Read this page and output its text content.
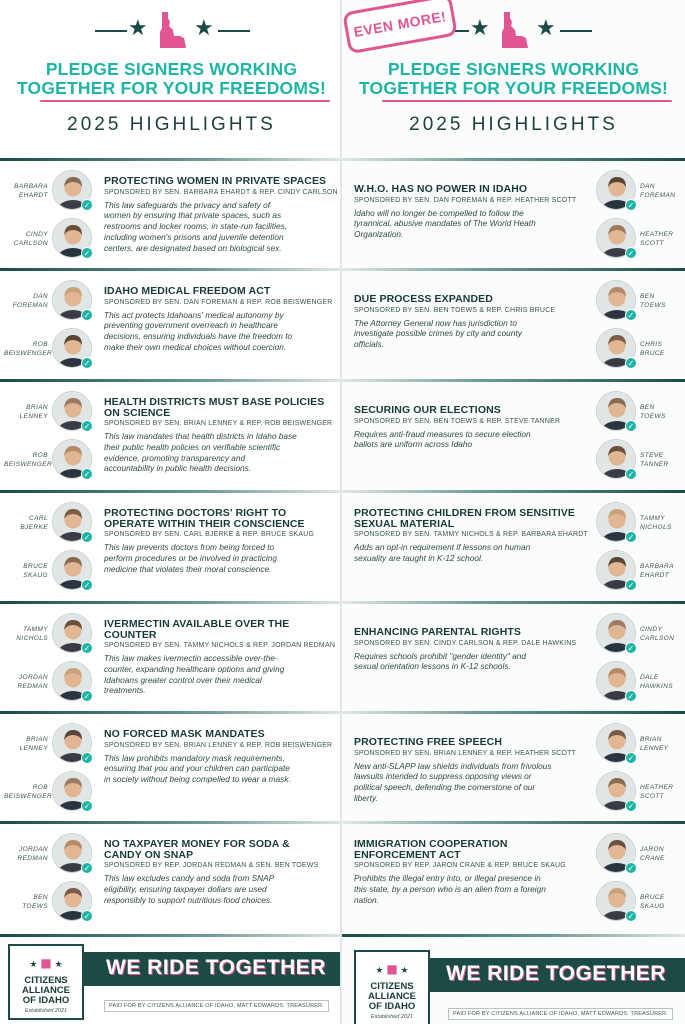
★ ★
PLEDGE SIGNERS WORKING
TOGETHER FOR YOUR FREEDOMS!
2025 HIGHLIGHTS
BARBARA
EHARDT
✓
CINDY
CARLSON
✓
PROTECTING WOMEN IN PRIVATE SPACES
SPONSORED BY SEN. BARBARA EHARDT & REP. CINDY CARLSON
This law safeguards the privacy and safety of
women by ensuring that private spaces, such as
restrooms and locker rooms, in state-run facilities,
including women's prisons and juvenile detention
centers, are designated based on biological sex.
DAN
FOREMAN
✓
ROB
BEISWENGER
✓
IDAHO MEDICAL FREEDOM ACT
SPONSORED BY SEN. DAN FOREMAN & REP. ROB BEISWENGER
This act protects Idahoans' medical autonomy by
preventing government overreach in healthcare
decisions, ensuring individuals have the freedom to
make their own medical choices without coercion.
BRIAN
LENNEY
✓
ROB
BEISWENGER
✓
HEALTH DISTRICTS MUST BASE POLICIES
ON SCIENCE
SPONSORED BY SEN. BRIAN LENNEY & REP. ROB BEISWENGER
This law mandates that health districts in Idaho base
their public health policies on verifiable scientific
evidence, promoting transparency and
accountability in public health decisions.
CARL
BJERKE
✓
BRUCE
SKAUG
✓
PROTECTING DOCTORS' RIGHT TO
OPERATE WITHIN THEIR CONSCIENCE
SPONSORED BY SEN. CARL BJERKE & REP. BRUCE SKAUG
This law prevents doctors from being forced to
perform procedures or be involved in practicing
medicine that violates their moral conscience.
TAMMY
NICHOLS
✓
JORDAN
REDMAN
✓
IVERMECTIN AVAILABLE OVER THE
COUNTER
SPONSORED BY SEN. TAMMY NICHOLS & REP. JORDAN REDMAN
This law makes ivermectin accessible over-the-
counter, expanding healthcare options and giving
Idahoans greater control over their medical
treatments.
BRIAN
LENNEY
✓
ROB
BEISWENGER
✓
NO FORCED MASK MANDATES
SPONSORED BY SEN. BRIAN LENNEY & REP. ROB BEISWENGER
This law prohibits mandatory mask requirements,
ensuring that you and your children can participate
in society without being compelled to wear a mask.
JORDAN
REDMAN
✓
BEN
TOEWS
✓
NO TAXPAYER MONEY FOR SODA &
CANDY ON SNAP
SPONSORED BY REP. JORDAN REDMAN & SEN. BEN TOEWS
This law excludes candy and soda from SNAP
eligibility, ensuring taxpayer dollars are used
responsibly to support nutritious food choices.
WE RIDE TOGETHER
★ ■ ★
CITIZENS
ALLIANCE
OF IDAHO
Established 2021
PAID FOR BY CITIZENS ALLIANCE OF IDAHO, MATT EDWARDS, TREASURER.
★ ★
PLEDGE SIGNERS WORKING
TOGETHER FOR YOUR FREEDOMS!
2025 HIGHLIGHTS
DAN
FOREMAN
✓
HEATHER
SCOTT
✓
W.H.O. HAS NO POWER IN IDAHO
SPONSORED BY SEN. DAN FOREMAN & REP. HEATHER SCOTT
Idaho will no longer be compelled to follow the
tyrannical, abusive mandates of The World Heath
Organization.
BEN
TOEWS
✓
CHRIS
BRUCE
✓
DUE PROCESS EXPANDED
SPONSORED BY SEN. BEN TOEWS & REP. CHRIS BRUCE
The Attorney General now has jurisdiction to
investigate possible crimes by city and county
officials.
BEN
TOEWS
✓
STEVE
TANNER
✓
SECURING OUR ELECTIONS
SPONSORED BY SEN. BEN TOEWS & REP. STEVE TANNER
Requires anti-fraud measures to secure election
ballots are uniform across Idaho
TAMMY
NICHOLS
✓
BARBARA
EHARDT
✓
PROTECTING CHILDREN FROM SENSITIVE
SEXUAL MATERIAL
SPONSORED BY SEN. TAMMY NICHOLS & REP. BARBARA EHARDT
Adds an opt-in requirement if lessons on human
sexuality are taught in K-12 school.
CINDY
CARLSON
✓
DALE
HAWKINS
✓
ENHANCING PARENTAL RIGHTS
SPONSORED BY SEN. CINDY CARLSON & REP. DALE HAWKINS
Requires schools prohibit "gender identity" and
sexual orientation lessons in K-12 schools.
BRIAN
LENNEY
✓
HEATHER
SCOTT
✓
PROTECTING FREE SPEECH
SPONSORED BY SEN. BRIAN LENNEY & REP. HEATHER SCOTT
New anti-SLAPP law shields individuals from frivolous
lawsuits intended to suppress opposing views or
political speech, defending the cornerstone of our
liberty.
JARON
CRANE
✓
BRUCE
SKAUG
✓
IMMIGRATION COOPERATION
ENFORCEMENT ACT
SPONSORED BY REP. JARON CRANE & REP. BRUCE SKAUG
Prohibits the illegal entry into, or illegal presence in
this state, by a person who is an alien from a foreign
nation.
WE RIDE TOGETHER
★ ■ ★
CITIZENS
ALLIANCE
OF IDAHO
Established 2021	PAID FOR BY CITIZENS ALLIANCE OF IDAHO, MATT EDWARDS, TREASURER.
EVEN MORE!
